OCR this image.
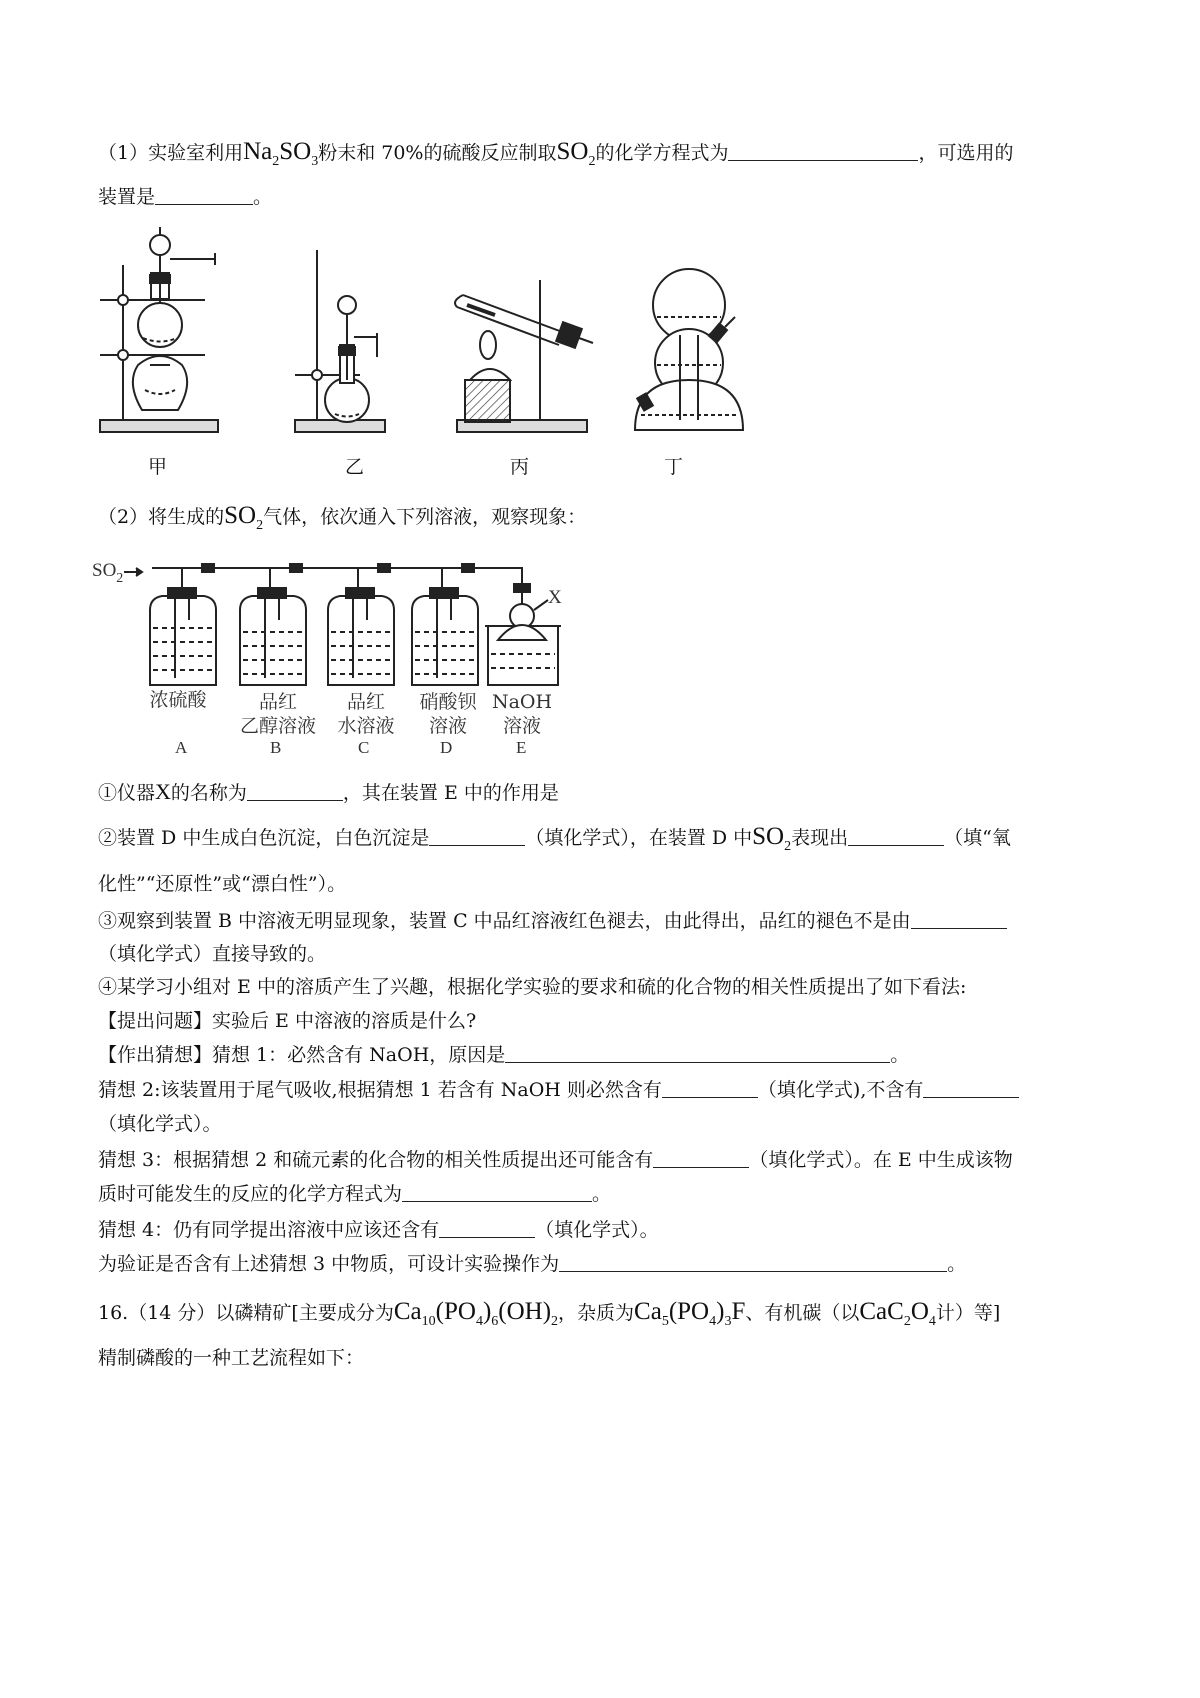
（1）实验室利用$Na_2SO_3$粉末和 70%的硫酸反应制取$SO_2$的化学方程式为	，可选用的
装置是	。
甲	乙	丙	丁
（2）将生成的$SO_2$气体，依次通入下列溶液，观察现象：
$SO_2$
X
浓硫酸	品红
乙醇溶液
品红
水溶液
硝酸钡
溶液
NaOH
溶液
A	B	C	D	E
①仪器X的名称为	，其在装置 E 中的作用是
②装置 D 中生成白色沉淀，白色沉淀是	（填化学式），在装置 D 中$SO_2$表现出	（填“氧
化性”“还原性”或“漂白性”）。
③观察到装置 B 中溶液无明显现象，装置 C 中品红溶液红色褪去，由此得出，品红的褪色不是由
（填化学式）直接导致的。
④某学习小组对 E 中的溶质产生了兴趣，根据化学实验的要求和硫的化合物的相关性质提出了如下看法:
【提出问题】实验后 E 中溶液的溶质是什么?
【作出猜想】猜想 1：必然含有 NaOH，原因是	。
猜想 2:该装置用于尾气吸收,根据猜想 1 若含有 NaOH 则必然含有	（填化学式),不含有
（填化学式）。
猜想 3：根据猜想 2 和硫元素的化合物的相关性质提出还可能含有	（填化学式）。在 E 中生成该物
质时可能发生的反应的化学方程式为	。
猜想 4：仍有同学提出溶液中应该还含有	（填化学式）。
为验证是否含有上述猜想 3 中物质，可设计实验操作为	。
16.（14 分）以磷精矿[主要成分为$Ca_{10}(PO_4)_6(OH)_2$，杂质为$Ca_5(PO_4)_3F$、有机碳（以$CaC_2O_4$计）等]
精制磷酸的一种工艺流程如下：
